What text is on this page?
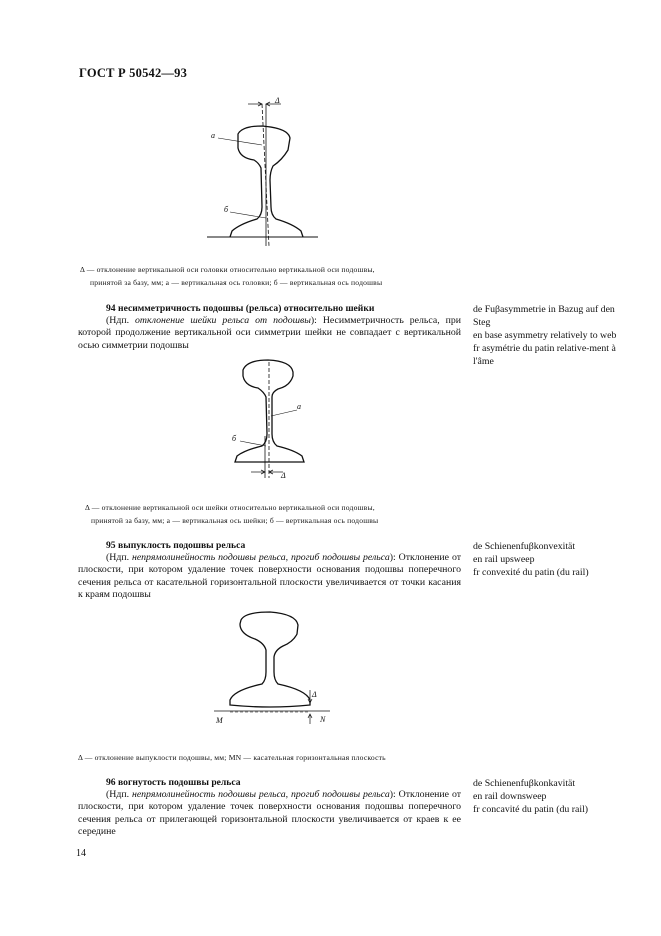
ГОСТ Р 50542—93
Δ
а
б
Δ — отклонение вертикальной оси головки относительно вертикальной оси подошвы,
принятой за базу, мм; а — вертикальная ось головки; б — вертикальная ось подошвы
94 несимметричность подошвы (рельса) относительно шейки
(Ндп. отклонение шейки рельса от подошвы): Несимметричность рельса, при которой продолжение вертикальной оси симметрии шейки не совпадает с вертикальной осью симметрии подошвы
de Fuβasymmetrie in Bazug auf den Steg
en base asymmetry relatively to web
fr asymétrie du patin relative-ment à l'âme
Δ
а
б
Δ — отклонение вертикальной оси шейки относительно вертикальной оси подошвы,
принятой за базу, мм; а — вертикальная ось шейки; б — вертикальная ось подошвы
95 выпуклость подошвы рельса
(Ндп. непрямолинейность подошвы рельса, прогиб подошвы рельса): Отклонение от плоскости, при котором удаление точек поверхности основания подошвы поперечного сечения рельса от касательной горизонтальной плоскости увеличивается от точки касания к краям подошвы
de Schienenfuβkonvexität
en rail upsweep
fr convexité du patin (du rail)
Δ
M	N
Δ — отклонение выпуклости подошвы, мм; MN — касательная горизонтальная плоскость
96 вогнутость подошвы рельса
(Ндп. непрямолинейность подошвы рельса, прогиб подошвы рельса): Отклонение от плоскости, при котором удаление точек поверхности основания подошвы поперечного сечения рельса от прилегающей горизонтальной плоскости увеличивается от краев к ее середине
de Schienenfuβkonkavität
en rail downsweep
fr concavité du patin (du rail)
14
